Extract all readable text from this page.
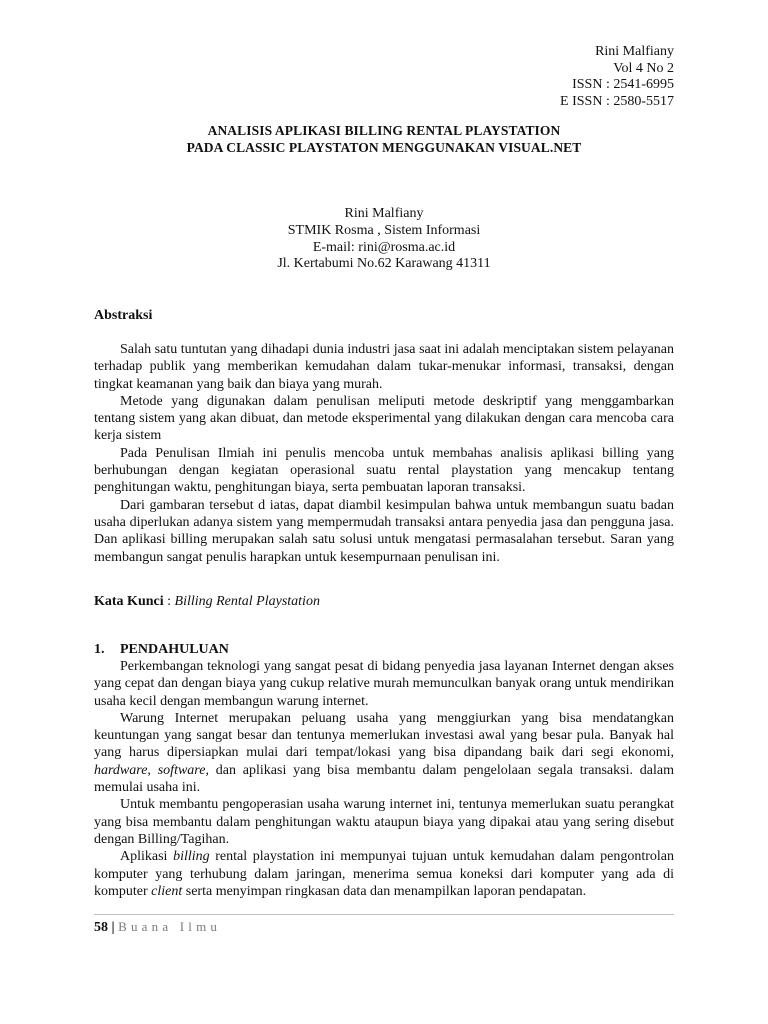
Rini Malfiany
Vol 4 No 2
ISSN : 2541-6995
E ISSN : 2580-5517
ANALISIS APLIKASI BILLING RENTAL PLAYSTATION
PADA CLASSIC PLAYSTATON MENGGUNAKAN VISUAL.NET
Rini Malfiany
STMIK Rosma , Sistem Informasi
E-mail: rini@rosma.ac.id
Jl. Kertabumi No.62 Karawang 41311
Abstraksi

Salah satu tuntutan yang dihadapi dunia industri jasa saat ini adalah menciptakan sistem pelayanan terhadap publik yang memberikan kemudahan dalam tukar-menukar informasi, transaksi, dengan tingkat keamanan yang baik dan biaya yang murah.

Metode yang digunakan dalam penulisan meliputi metode deskriptif yang menggambarkan tentang sistem yang akan dibuat, dan metode eksperimental yang dilakukan dengan cara mencoba cara kerja sistem

Pada Penulisan Ilmiah ini penulis mencoba untuk membahas analisis aplikasi billing yang berhubungan dengan kegiatan operasional suatu rental playstation yang mencakup tentang penghitungan waktu, penghitungan biaya, serta pembuatan laporan transaksi.

Dari gambaran tersebut d iatas, dapat diambil kesimpulan bahwa untuk membangun suatu badan usaha diperlukan adanya sistem yang mempermudah transaksi antara penyedia jasa dan pengguna jasa. Dan aplikasi billing merupakan salah satu solusi untuk mengatasi permasalahan tersebut. Saran yang membangun sangat penulis harapkan untuk kesempurnaan penulisan ini.

Kata Kunci : Billing Rental Playstation
1. PENDAHULUAN

Perkembangan teknologi yang sangat pesat di bidang penyedia jasa layanan Internet dengan akses yang cepat dan dengan biaya yang cukup relative murah memunculkan banyak orang untuk mendirikan usaha kecil dengan membangun warung internet.

Warung Internet merupakan peluang usaha yang menggiurkan yang bisa mendatangkan keuntungan yang sangat besar dan tentunya memerlukan investasi awal yang besar pula. Banyak hal yang harus dipersiapkan mulai dari tempat/lokasi yang bisa dipandang baik dari segi ekonomi, hardware, software, dan aplikasi yang bisa membantu dalam pengelolaan segala transaksi. dalam memulai usaha ini.

Untuk membantu pengoperasian usaha warung internet ini, tentunya memerlukan suatu perangkat yang bisa membantu dalam penghitungan waktu ataupun biaya yang dipakai atau yang sering disebut dengan Billing/Tagihan.

Aplikasi billing rental playstation ini mempunyai tujuan untuk kemudahan dalam pengontrolan komputer yang terhubung dalam jaringan, menerima semua koneksi dari komputer yang ada di komputer client serta menyimpan ringkasan data dan menampilkan laporan pendapatan.

58 | Buana Ilmu
